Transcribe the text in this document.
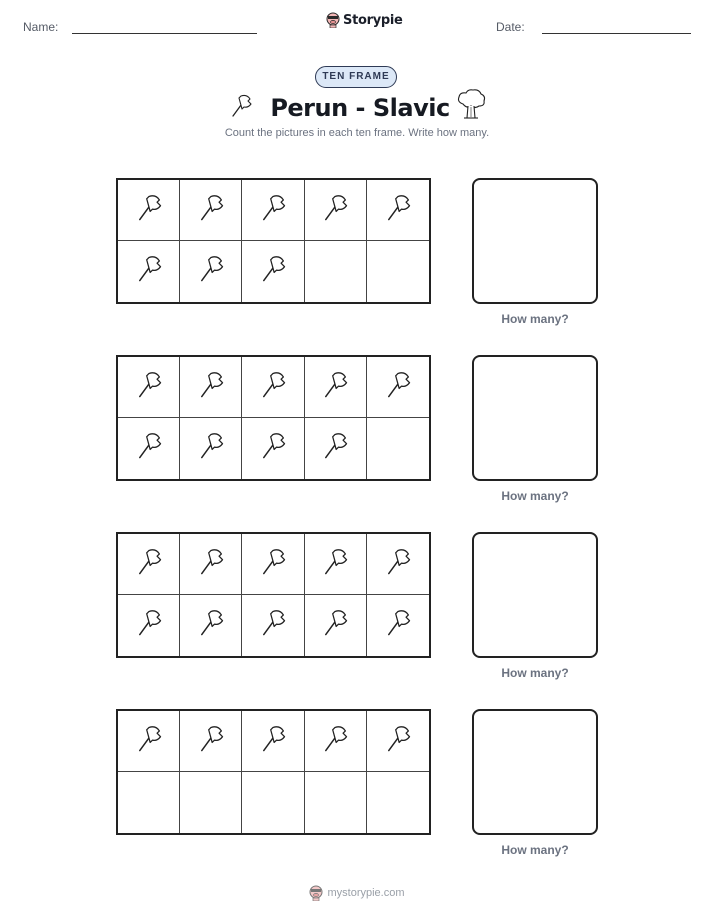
Name:	Storypie	Date:
TEN FRAME
Perun - Slavic
Count the pictures in each ten frame. Write how many.
How many?
How many?
How many?
How many?
mystorypie.com
